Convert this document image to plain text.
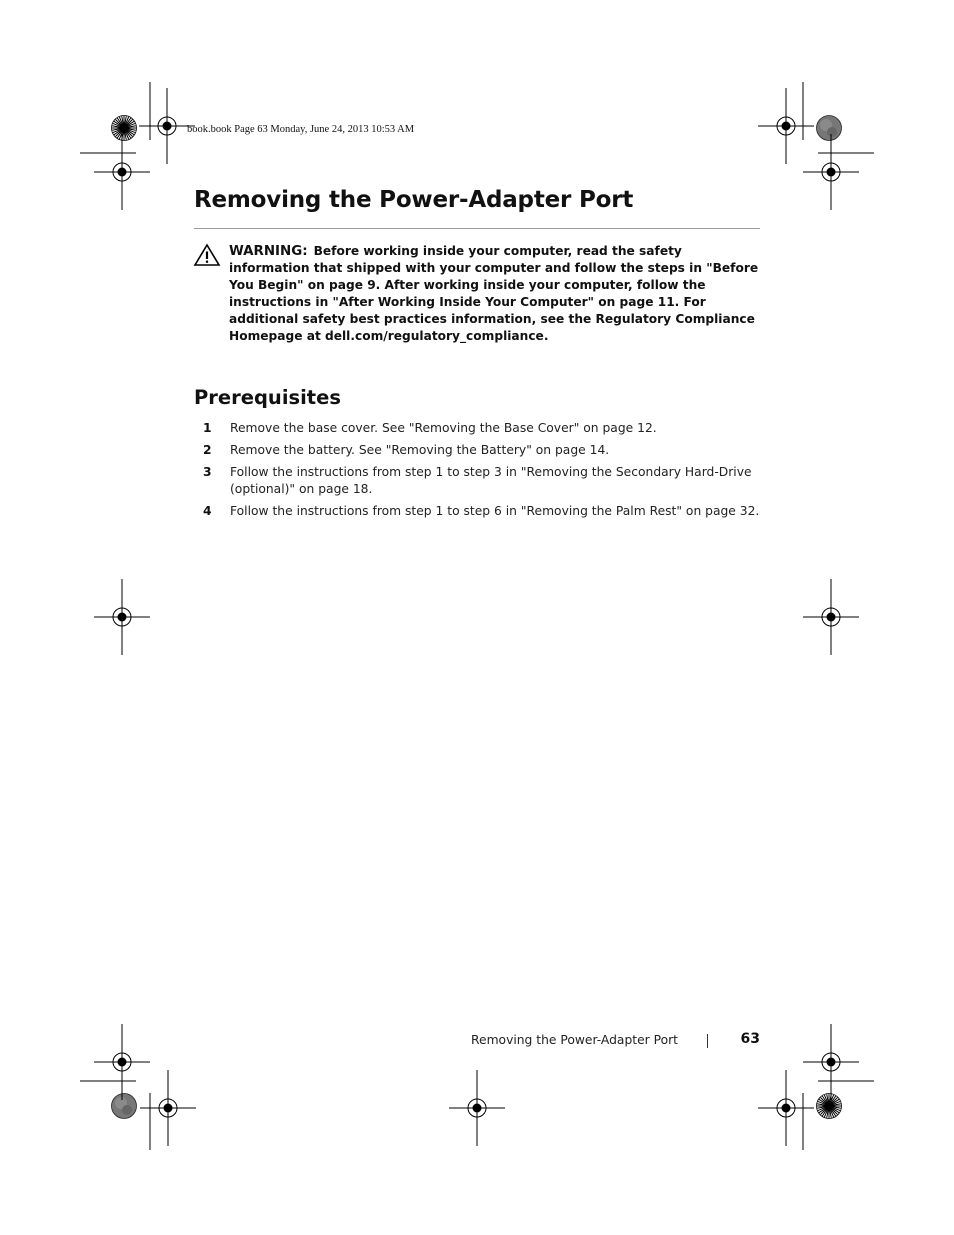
book.book Page 63 Monday, June 24, 2013 10:53 AM
Removing the Power-Adapter Port
WARNING: Before working inside your computer, read the safety information that shipped with your computer and follow the steps in "Before You Begin" on page 9. After working inside your computer, follow the instructions in "After Working Inside Your Computer" on page 11. For additional safety best practices information, see the Regulatory Compliance Homepage at dell.com/regulatory_compliance.
Prerequisites
1 Remove the base cover. See "Removing the Base Cover" on page 12.
2 Remove the battery. See "Removing the Battery" on page 14.
3 Follow the instructions from step 1 to step 3 in "Removing the Secondary Hard-Drive (optional)" on page 18.
4 Follow the instructions from step 1 to step 6 in "Removing the Palm Rest" on page 32.
Removing the Power-Adapter Port	63
